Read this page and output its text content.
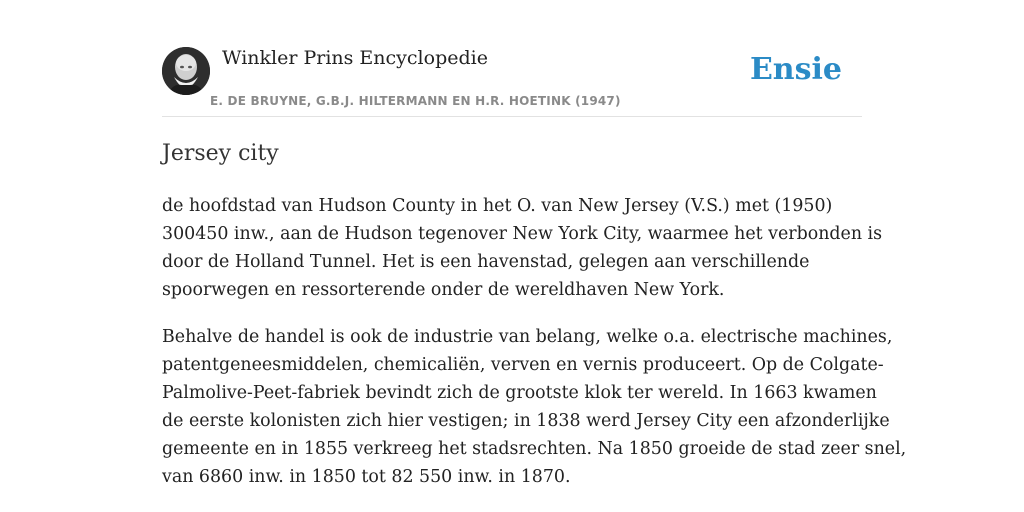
Winkler Prins Encyclopedie	Ensie
E. DE BRUYNE, G.B.J. HILTERMANN EN H.R. HOETINK (1947)
Jersey city

de hoofdstad van Hudson County in het O. van New Jersey (V.S.) met (1950)
300450 inw., aan de Hudson tegenover New York City, waarmee het verbonden is
door de Holland Tunnel. Het is een havenstad, gelegen aan verschillende
spoorwegen en ressorterende onder de wereldhaven New York.

Behalve de handel is ook de industrie van belang, welke o.a. electrische machines,
patentgeneesmiddelen, chemicaliën, verven en vernis produceert. Op de Colgate-
Palmolive-Peet-fabriek bevindt zich de grootste klok ter wereld. In 1663 kwamen
de eerste kolonisten zich hier vestigen; in 1838 werd Jersey City een afzonderlijke
gemeente en in 1855 verkreeg het stadsrechten. Na 1850 groeide de stad zeer snel,
van 6860 inw. in 1850 tot 82 550 inw. in 1870.
